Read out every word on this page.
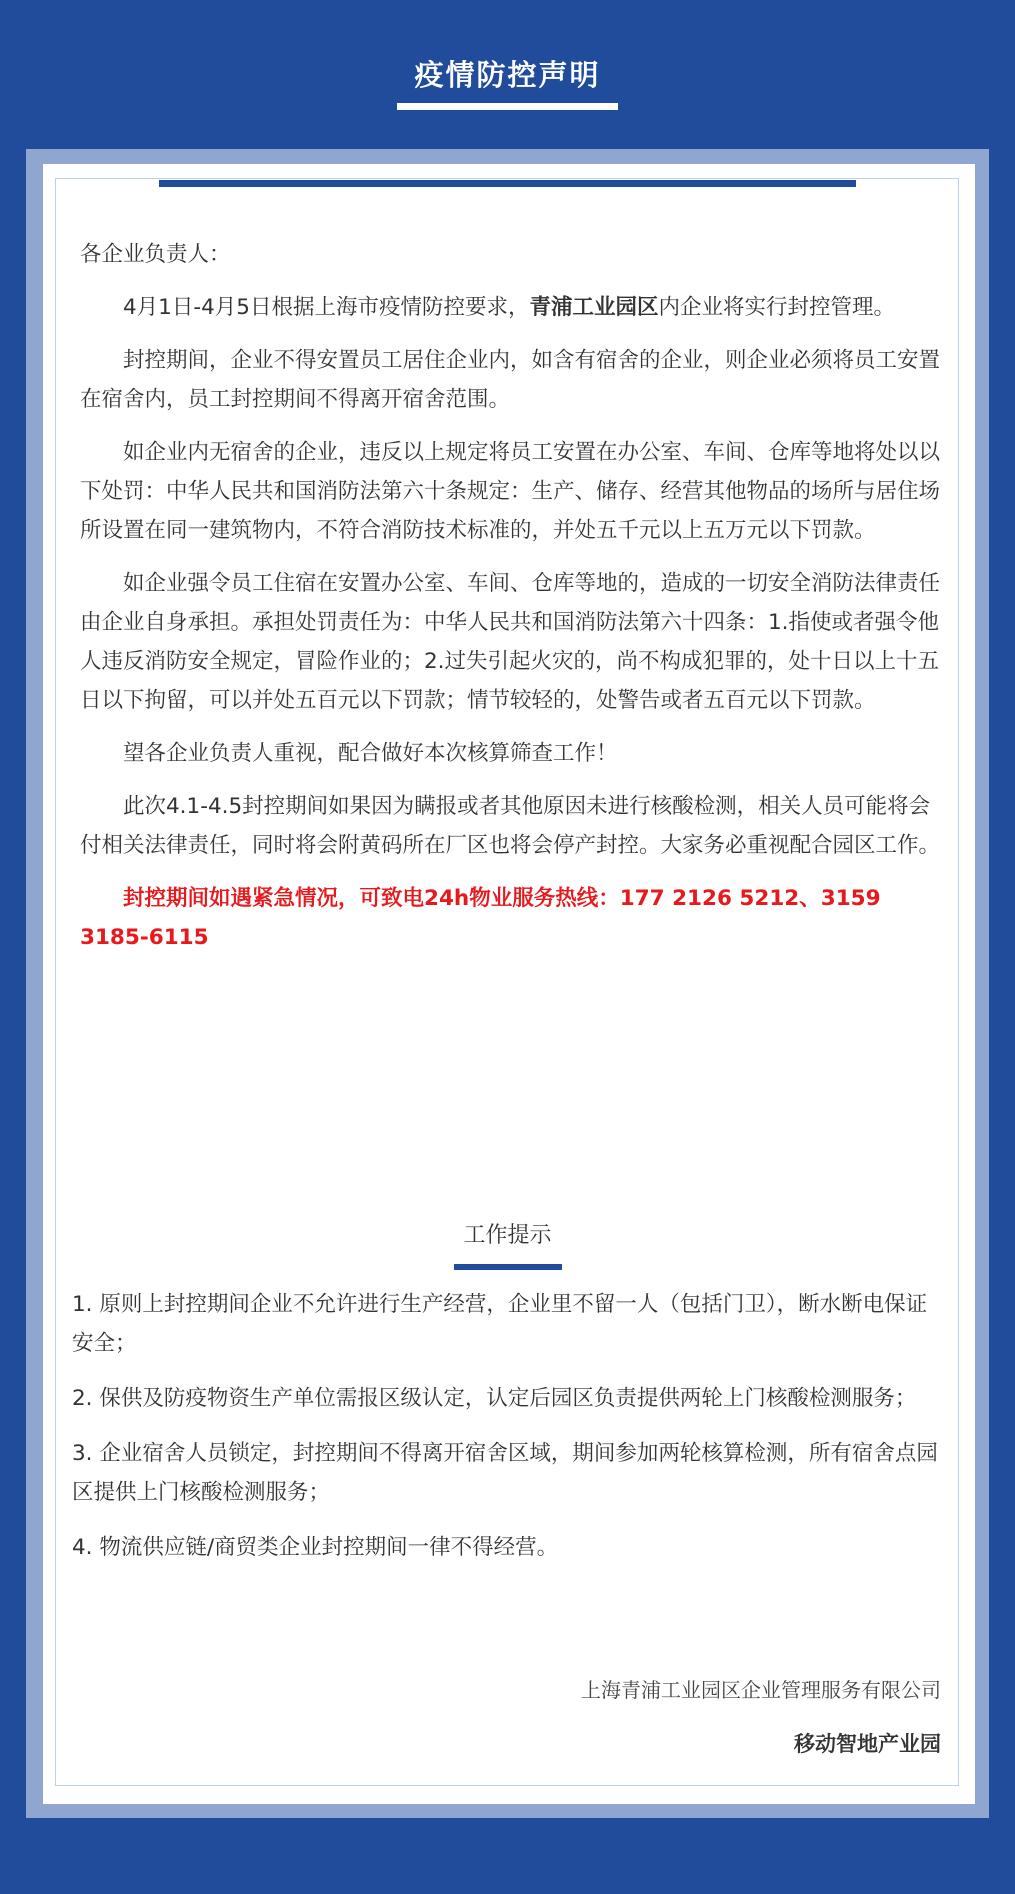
疫情防控声明

各企业负责人：

4月1日-4月5日根据上海市疫情防控要求，青浦工业园区内企业将实行封控管理。

封控期间，企业不得安置员工居住企业内，如含有宿舍的企业，则企业必须将员工安置在宿舍内，员工封控期间不得离开宿舍范围。

如企业内无宿舍的企业，违反以上规定将员工安置在办公室、车间、仓库等地将处以以下处罚：中华人民共和国消防法第六十条规定：生产、储存、经营其他物品的场所与居住场所设置在同一建筑物内，不符合消防技术标准的，并处五千元以上五万元以下罚款。

如企业强令员工住宿在安置办公室、车间、仓库等地的，造成的一切安全消防法律责任由企业自身承担。承担处罚责任为：中华人民共和国消防法第六十四条：1.指使或者强令他人违反消防安全规定，冒险作业的；2.过失引起火灾的，尚不构成犯罪的，处十日以上十五日以下拘留，可以并处五百元以下罚款；情节较轻的，处警告或者五百元以下罚款。

望各企业负责人重视，配合做好本次核算筛查工作！

此次4.1-4.5封控期间如果因为瞒报或者其他原因未进行核酸检测，相关人员可能将会付相关法律责任，同时将会附黄码所在厂区也将会停产封控。大家务必重视配合园区工作。

封控期间如遇紧急情况，可致电24h物业服务热线：177 2126 5212、3159 3185-6115

工作提示

1. 原则上封控期间企业不允许进行生产经营，企业里不留一人（包括门卫），断水断电保证安全；

2. 保供及防疫物资生产单位需报区级认定，认定后园区负责提供两轮上门核酸检测服务；

3. 企业宿舍人员锁定，封控期间不得离开宿舍区域，期间参加两轮核算检测，所有宿舍点园区提供上门核酸检测服务；

4. 物流供应链/商贸类企业封控期间一律不得经营。

上海青浦工业园区企业管理服务有限公司
移动智地产业园
